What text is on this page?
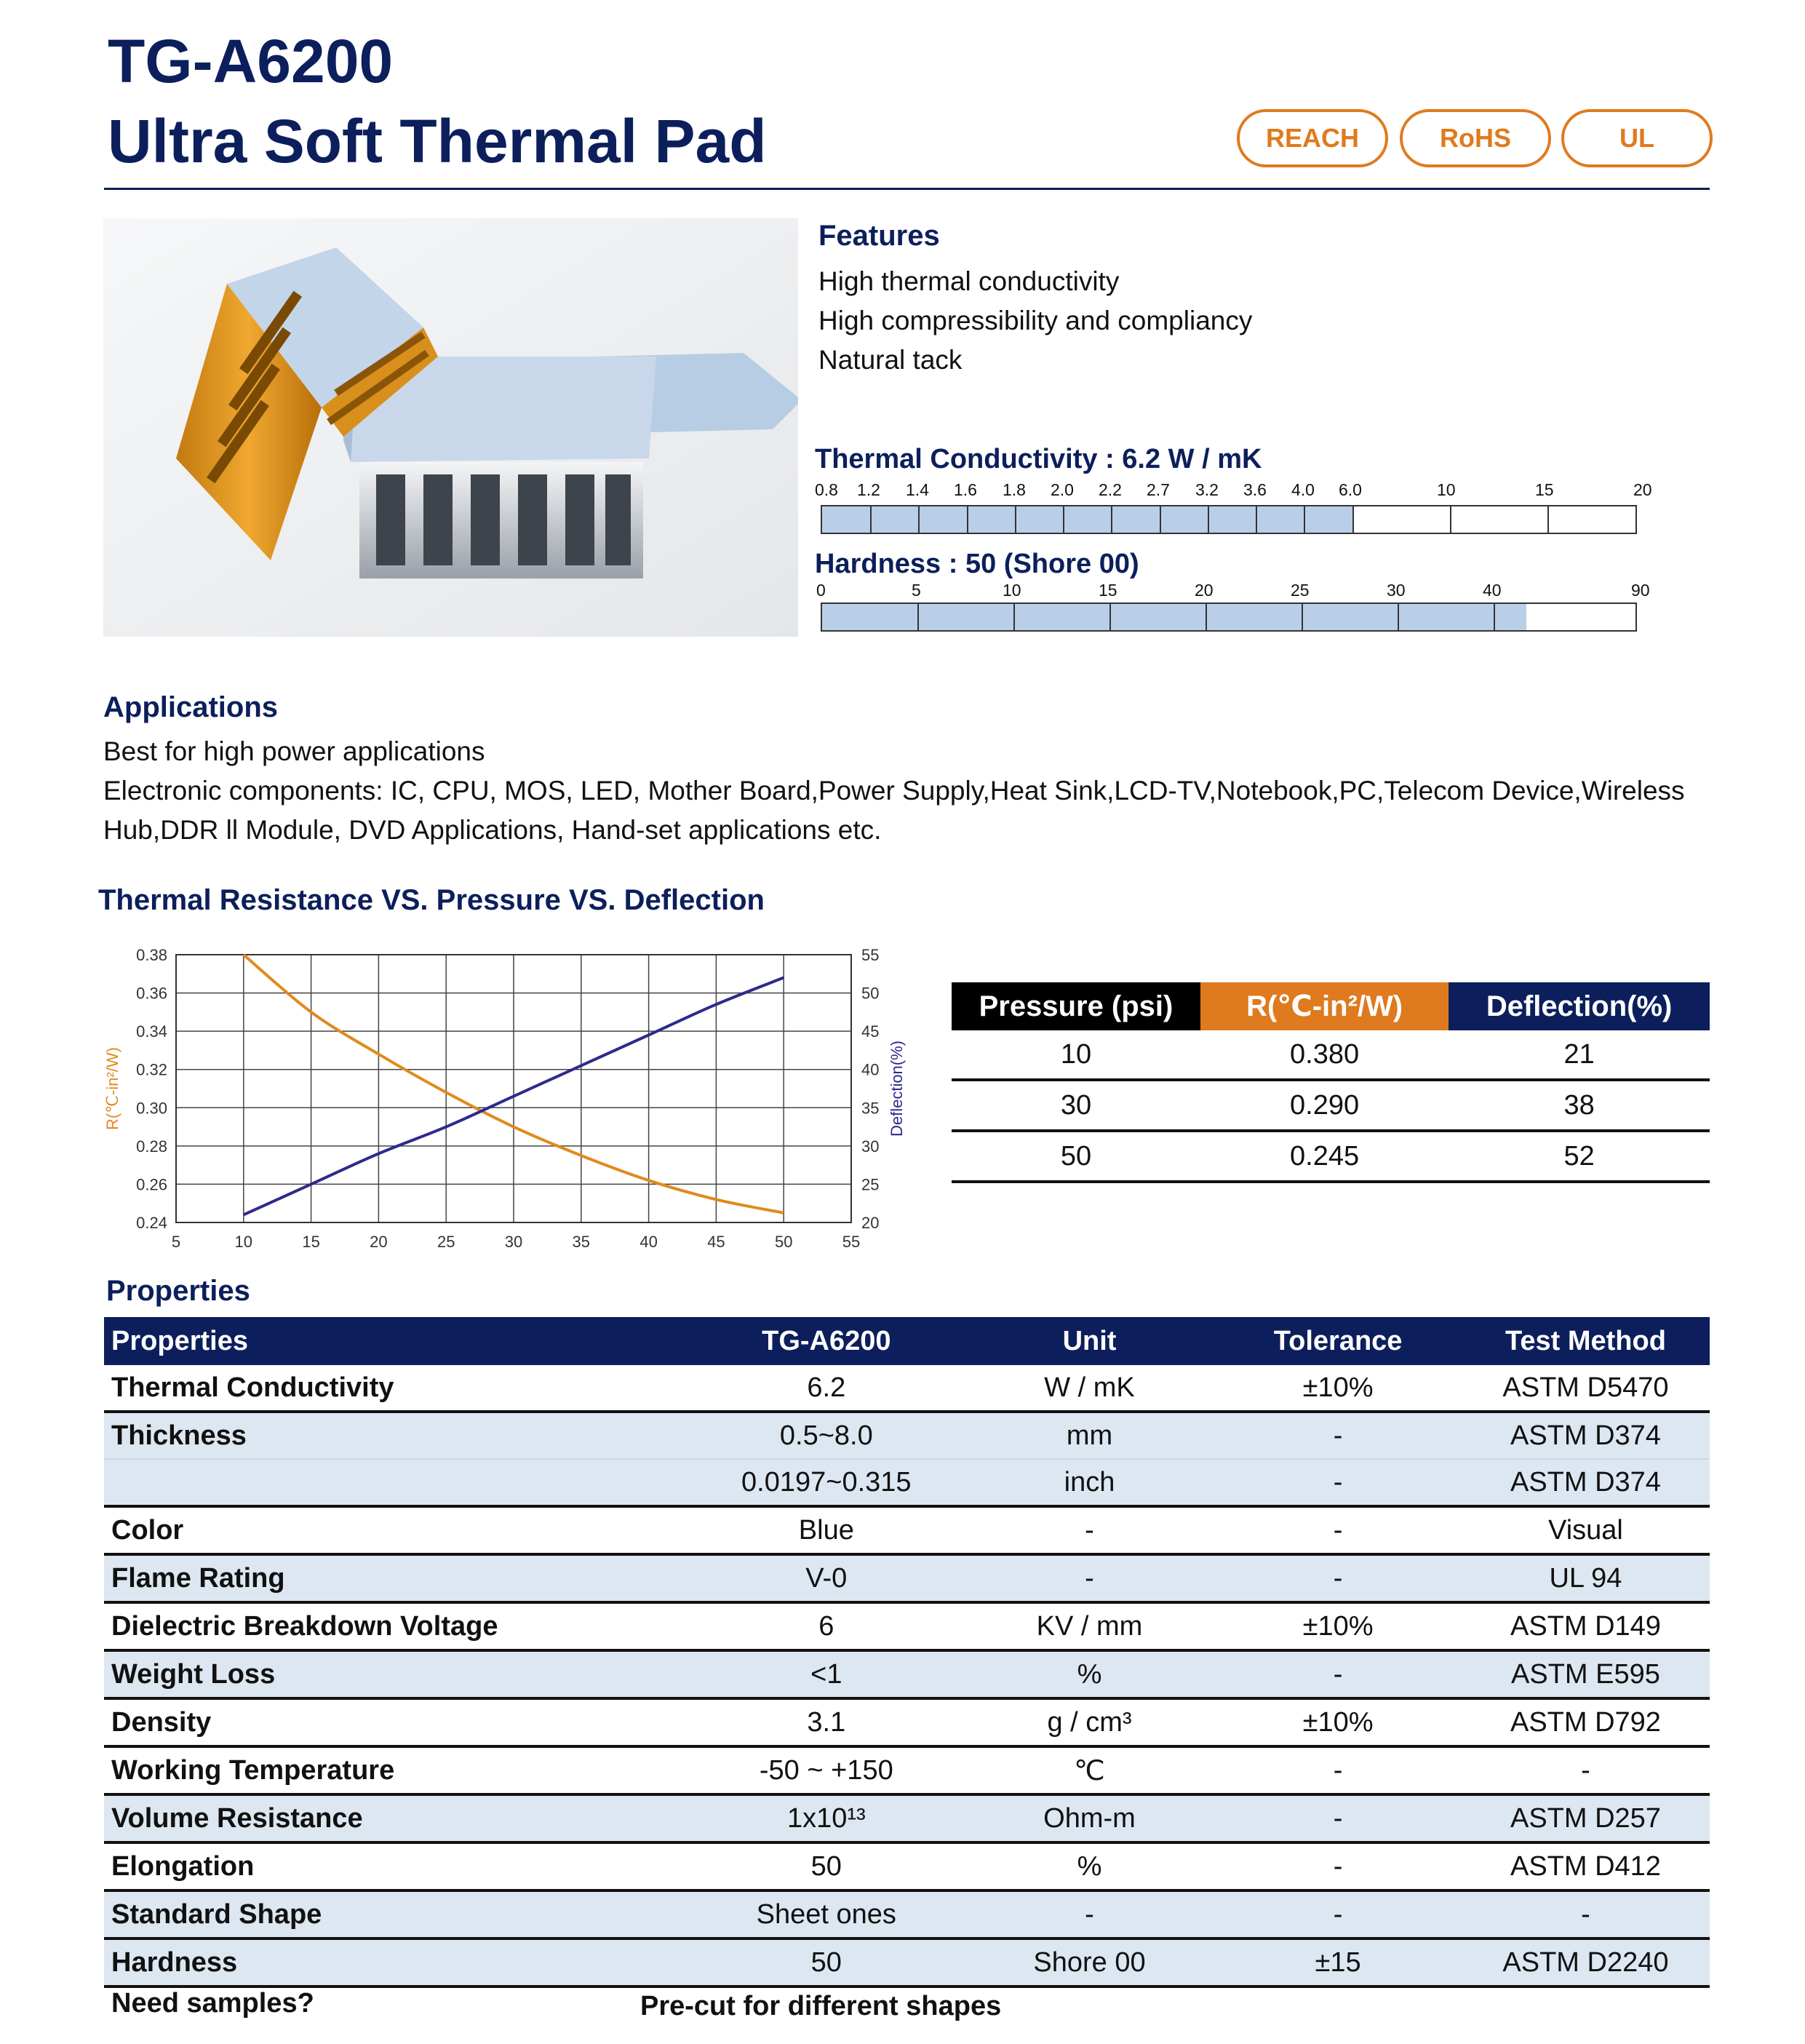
TG-A6200
Ultra Soft Thermal Pad	REACH	RoHS	UL
Features
High thermal conductivity
High compressibility and compliancy
Natural tack
Thermal Conductivity : 6.2 W / mK
0.8 1.2 1.4 1.6 1.8 2.0 2.2 2.7 3.2 3.6 4.0 6.0	10	15	20
Hardness : 50 (Shore 00)
0	5	10	15	20	25	30	40	90
Applications
Best for high power applications
Electronic components: IC, CPU, MOS, LED, Mother Board,Power Supply,Heat Sink,LCD-TV,Notebook,PC,Telecom Device,Wireless
Hub,DDR ll Module, DVD Applications, Hand-set applications etc.
Thermal Resistance VS. Pressure VS. Deflection
5	10	15	20	25	30	35	40	45	50	55
0.24
0.26
0.28
0.30
0.32
0.34
0.36
0.38
20
25
30
35
40
45
50
55
R(℃-in²/W)	Deflection(%)
Pressure (psi)	R(℃-in²/W)	Deflection(%)
10	0.380	21
30	0.290	38
50	0.245	52
Properties
Properties	TG-A6200	Unit	Tolerance	Test Method
Thermal Conductivity	6.2	W / mK	±10%	ASTM D5470
Thickness	0.5~8.0	mm	-	ASTM D374
	0.0197~0.315	inch	-	ASTM D374
Color	Blue	-	-	Visual
Flame Rating	V-0	-	-	UL 94
Dielectric Breakdown Voltage	6	KV / mm	±10%	ASTM D149
Weight Loss	<1	%	-	ASTM E595
Density	3.1	g / cm³	±10%	ASTM D792
Working Temperature	-50 ~ +150	℃	-	-
Volume Resistance	1x10¹³	Ohm-m	-	ASTM D257
Elongation	50	%	-	ASTM D412
Standard Shape	Sheet ones	-	-	-
Hardness	50	Shore 00	±15	ASTM D2240
Need samples?	Pre-cut for different shapes
